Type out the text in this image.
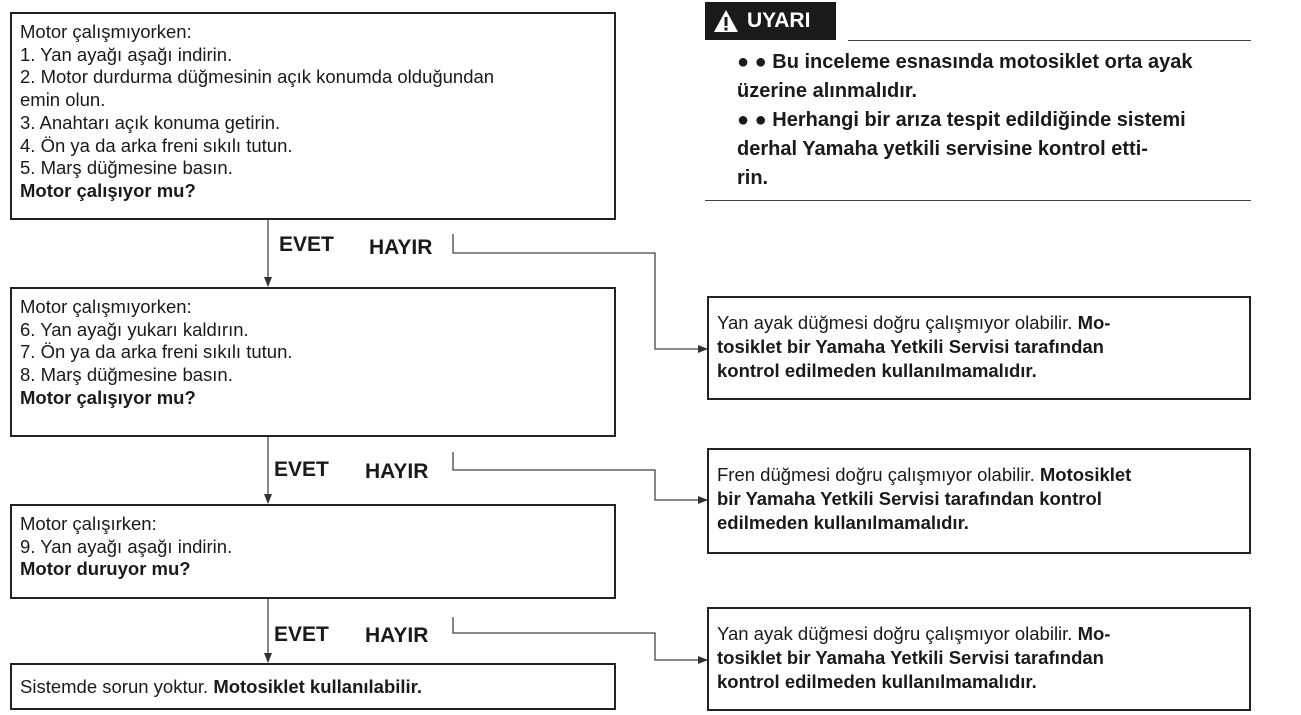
Motor çalışmıyorken:
1. Yan ayağı aşağı indirin.
2. Motor durdurma düğmesinin açık konumda olduğundan
emin olun.
3. Anahtarı açık konuma getirin.
4. Ön ya da arka freni sıkılı tutun.
5. Marş düğmesine basın.
Motor çalışıyor mu?
EVET HAYIR
Motor çalışmıyorken:
6. Yan ayağı yukarı kaldırın.
7. Ön ya da arka freni sıkılı tutun.
8. Marş düğmesine basın.
Motor çalışıyor mu?
EVET HAYIR
Motor çalışırken:
9. Yan ayağı aşağı indirin.
Motor duruyor mu?
EVET HAYIR
Sistemde sorun yoktur. Motosiklet kullanılabilir.
Yan ayak düğmesi doğru çalışmıyor olabilir. Mo-
tosiklet bir Yamaha Yetkili Servisi tarafından
kontrol edilmeden kullanılmamalıdır.
Fren düğmesi doğru çalışmıyor olabilir. Motosiklet
bir Yamaha Yetkili Servisi tarafından kontrol
edilmeden kullanılmamalıdır.
Yan ayak düğmesi doğru çalışmıyor olabilir. Mo-
tosiklet bir Yamaha Yetkili Servisi tarafından
kontrol edilmeden kullanılmamalıdır.
UYARI
● ● Bu inceleme esnasında motosiklet orta ayak
üzerine alınmalıdır.
● ● Herhangi bir arıza tespit edildiğinde sistemi
derhal Yamaha yetkili servisine kontrol etti-
rin.
